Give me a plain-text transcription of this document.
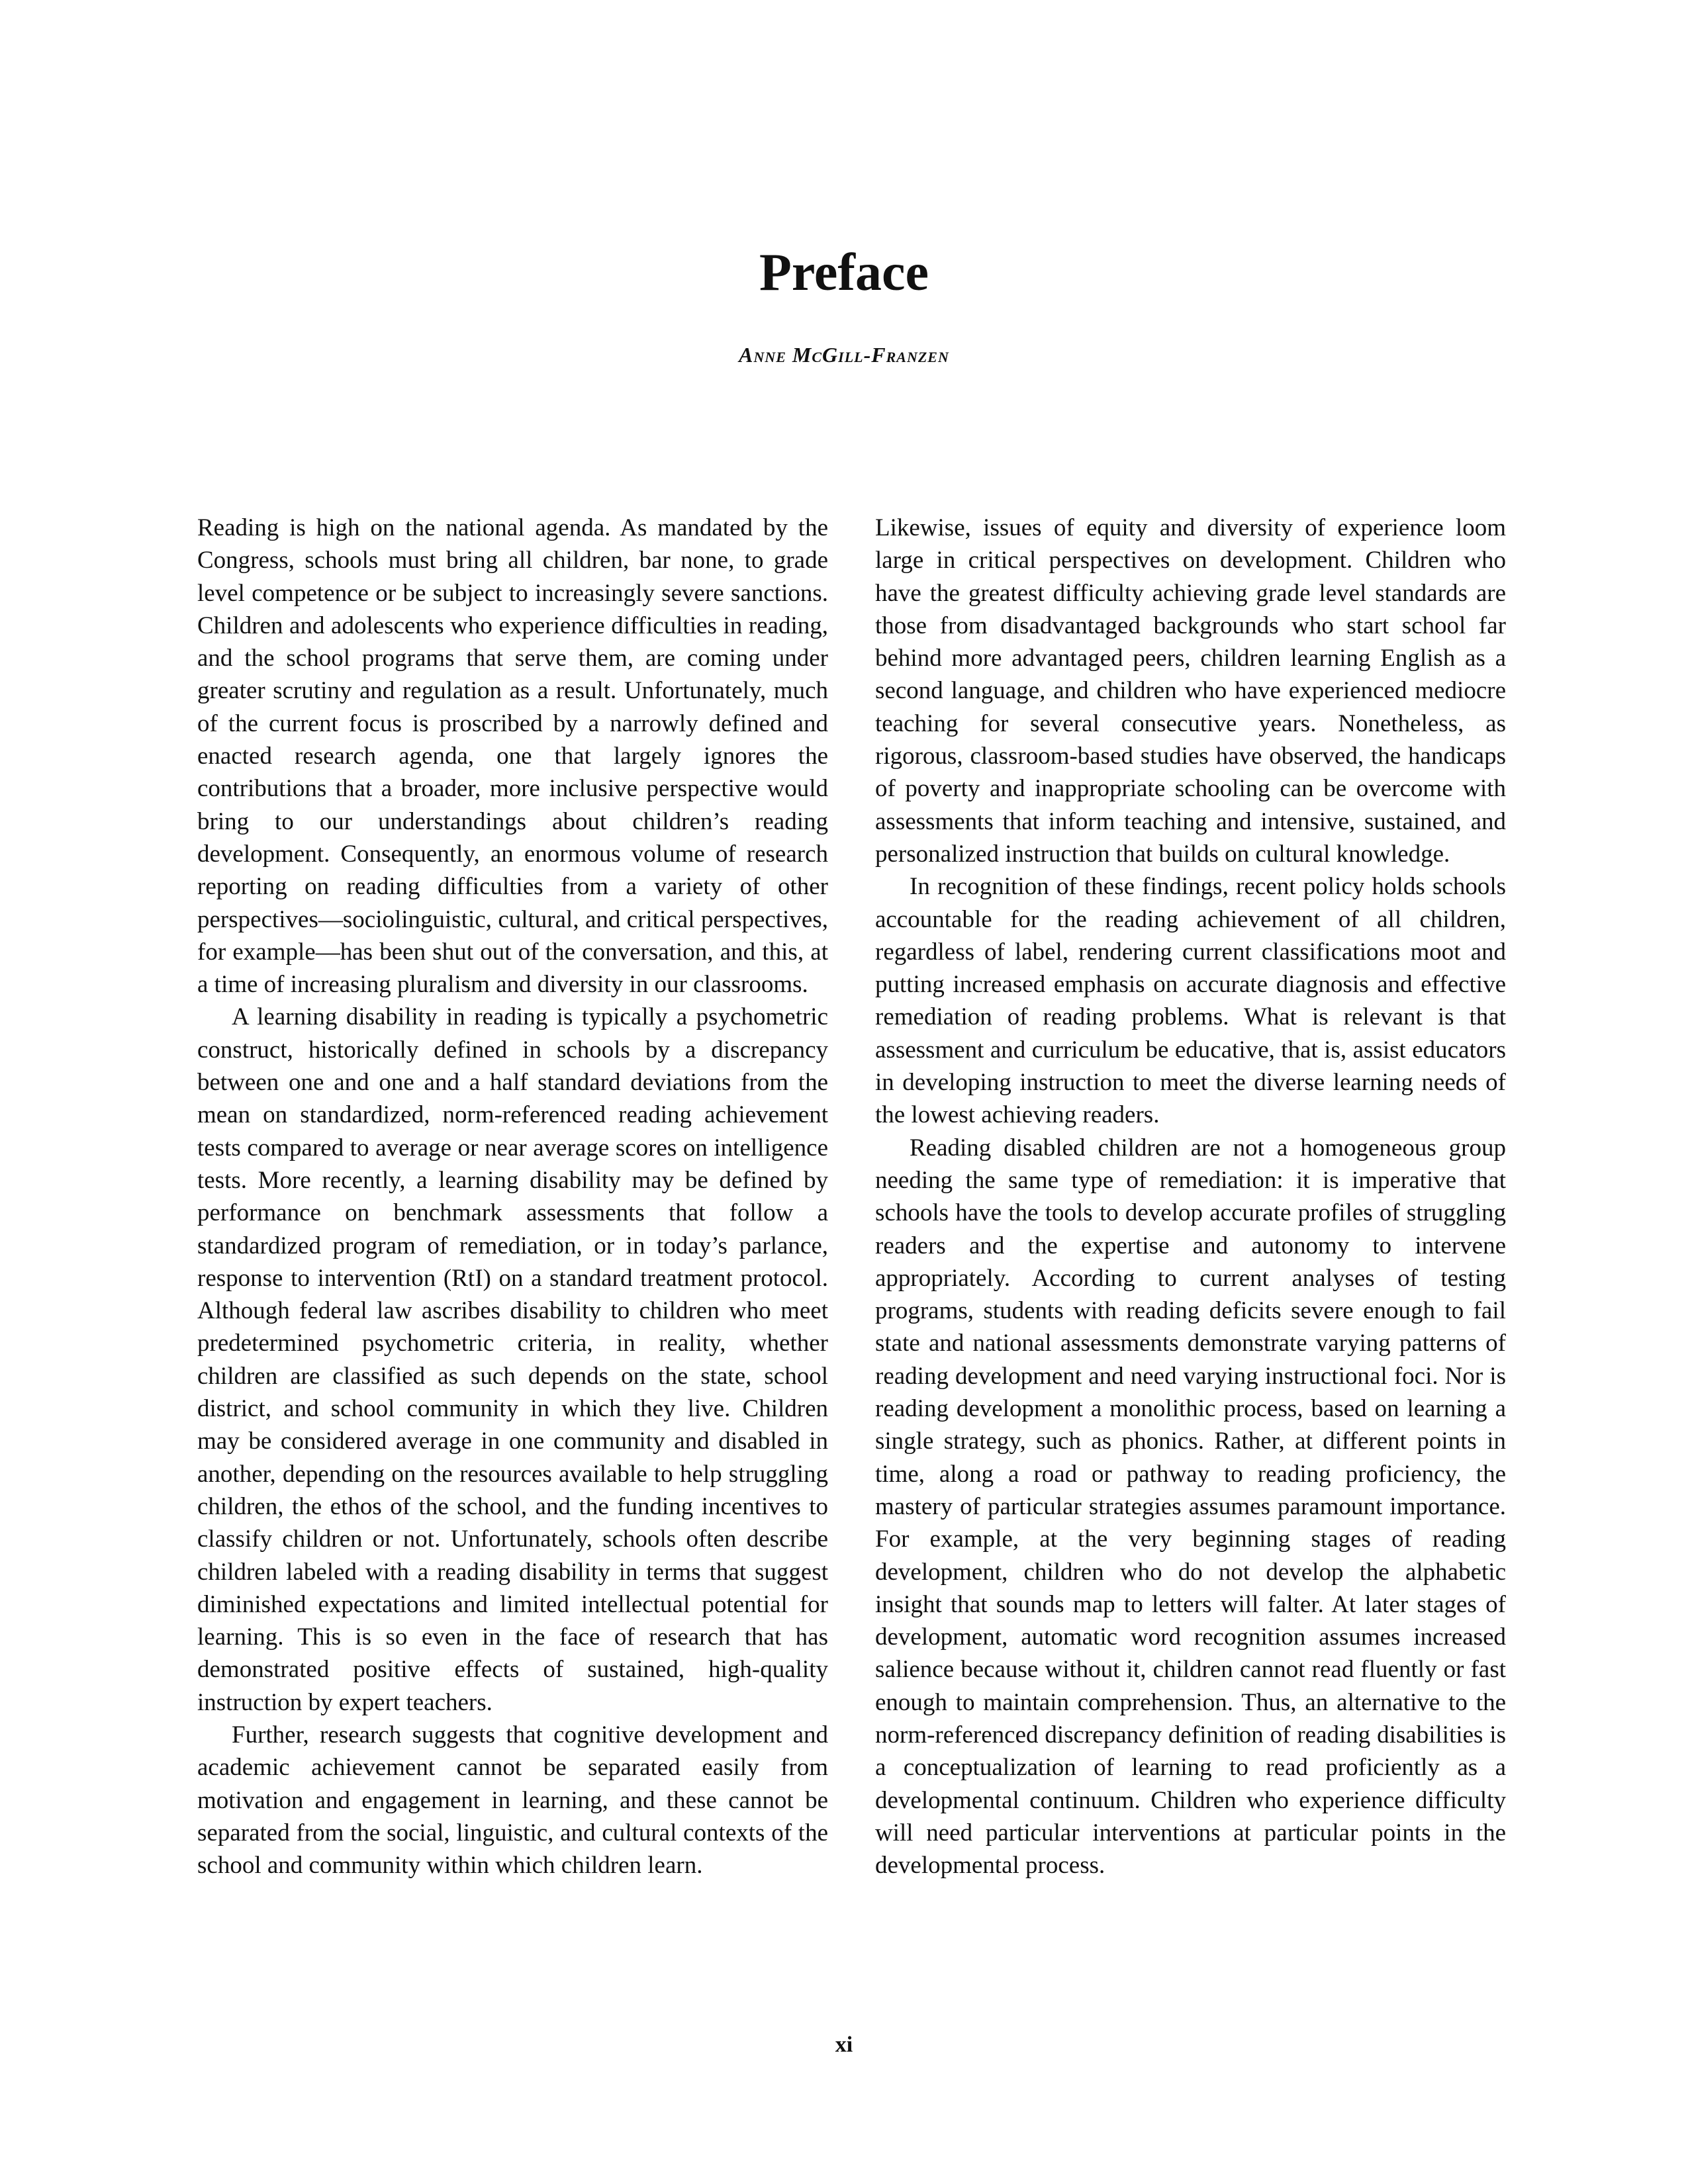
Preface
Anne McGill-Franzen

Reading is high on the national agenda. As mandated by the Congress, schools must bring all children, bar none, to grade level competence or be subject to increasingly severe sanctions. Children and adolescents who experience difficulties in reading, and the school programs that serve them, are coming under greater scrutiny and regulation as a result. Unfortunately, much of the current focus is proscribed by a narrowly defined and enacted research agenda, one that largely ignores the contributions that a broader, more inclusive perspective would bring to our understandings about children’s reading development. Consequently, an enormous volume of research reporting on reading difficulties from a variety of other perspectives—sociolinguistic, cultural, and critical perspectives, for example—has been shut out of the conversation, and this, at a time of increasing pluralism and diversity in our classrooms.

A learning disability in reading is typically a psychometric construct, historically defined in schools by a discrepancy between one and one and a half standard deviations from the mean on standardized, norm-referenced reading achievement tests compared to average or near average scores on intelligence tests. More recently, a learning disability may be defined by performance on benchmark assessments that follow a standardized program of remediation, or in today’s parlance, response to intervention (RtI) on a standard treatment protocol. Although federal law ascribes disability to children who meet predetermined psychometric criteria, in reality, whether children are classified as such depends on the state, school district, and school community in which they live. Children may be considered average in one community and disabled in another, depending on the resources available to help struggling children, the ethos of the school, and the funding incentives to classify children or not. Unfortunately, schools often describe children labeled with a reading disability in terms that suggest diminished expectations and limited intellectual potential for learning. This is so even in the face of research that has demonstrated positive effects of sustained, high-quality instruction by expert teachers.

Further, research suggests that cognitive development and academic achievement cannot be separated easily from motivation and engagement in learning, and these cannot be separated from the social, linguistic, and cultural contexts of the school and community within which children learn.

Likewise, issues of equity and diversity of experience loom large in critical perspectives on development. Children who have the greatest difficulty achieving grade level standards are those from disadvantaged backgrounds who start school far behind more advantaged peers, children learning English as a second language, and children who have experienced mediocre teaching for several consecutive years. Nonetheless, as rigorous, classroom-based studies have observed, the handicaps of poverty and inappropriate schooling can be overcome with assessments that inform teaching and intensive, sustained, and personalized instruction that builds on cultural knowledge.

In recognition of these findings, recent policy holds schools accountable for the reading achievement of all children, regardless of label, rendering current classifications moot and putting increased emphasis on accurate diagnosis and effective remediation of reading problems. What is relevant is that assessment and curriculum be educative, that is, assist educators in developing instruction to meet the diverse learning needs of the lowest achieving readers.

Reading disabled children are not a homogeneous group needing the same type of remediation: it is imperative that schools have the tools to develop accurate profiles of struggling readers and the expertise and autonomy to intervene appropriately. According to current analyses of testing programs, students with reading deficits severe enough to fail state and national assessments demonstrate varying patterns of reading development and need varying instructional foci. Nor is reading development a monolithic process, based on learning a single strategy, such as phonics. Rather, at different points in time, along a road or pathway to reading proficiency, the mastery of particular strategies assumes paramount importance. For example, at the very beginning stages of reading development, children who do not develop the alphabetic insight that sounds map to letters will falter. At later stages of development, automatic word recognition assumes increased salience because without it, children cannot read fluently or fast enough to maintain comprehension. Thus, an alternative to the norm-referenced discrepancy definition of reading disabilities is a conceptualization of learning to read proficiently as a developmental continuum. Children who experience difficulty will need particular interventions at particular points in the developmental process.

xi
